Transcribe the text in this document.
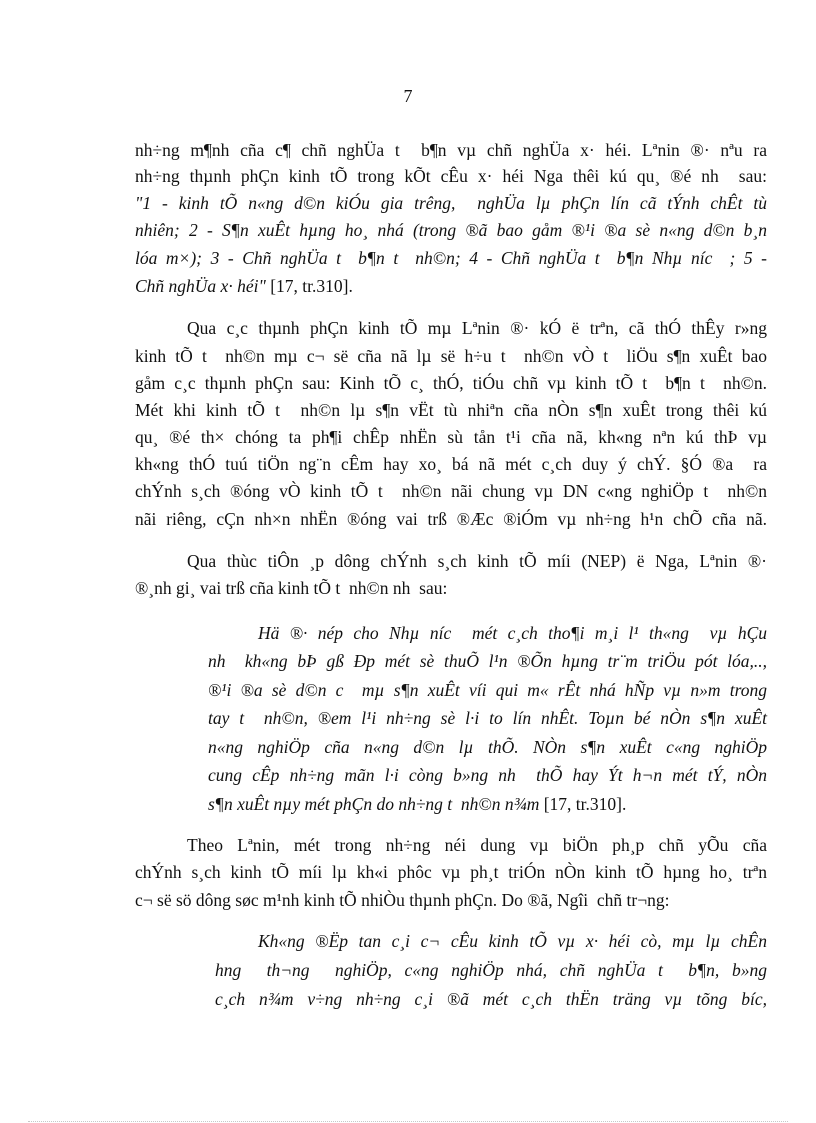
7
nh÷ng m¶nh cña c¶ chñ nghÜa t  b¶n vµ chñ nghÜa x· héi. Lªnin ®· nªu ra
nh÷ng thµnh phÇn kinh tÕ trong kÕt cÊu x· héi Nga thêi kú qu¸ ®é nh  sau:
"1 - kinh tÕ n«ng d©n kiÓu gia trêng,  nghÜa lµ phÇn lín cã tÝnh chÊt tù
nhiên; 2 - S¶n xuÊt hµng ho¸ nhá (trong ®ã bao gåm ®¹i ®a sè n«ng d©n b¸n
lóa m×); 3 - Chñ nghÜa t  b¶n t  nh©n; 4 - Chñ nghÜa t  b¶n Nhµ níc  ; 5 -
Chñ nghÜa x· héi" [17, tr.310].
Qua c¸c thµnh phÇn kinh tÕ mµ Lªnin ®· kÓ ë trªn, cã thÓ thÊy r»ng
kinh tÕ t  nh©n mµ c¬ së cña nã lµ së h÷u t  nh©n vÒ t  liÖu s¶n xuÊt bao
gåm c¸c thµnh phÇn sau: Kinh tÕ c¸ thÓ, tiÓu chñ vµ kinh tÕ t  b¶n t  nh©n.
Mét khi kinh tÕ t  nh©n lµ s¶n vËt tù nhiªn cña nÒn s¶n xuÊt trong thêi kú
qu¸ ®é th× chóng ta ph¶i chÊp nhËn sù tån t¹i cña nã, kh«ng nªn kú thÞ vµ
kh«ng thÓ tuú tiÖn ng¨n cÊm hay xo¸ bá nã mét c¸ch duy ý chÝ. §Ó ®a  ra
chÝnh s¸ch ®óng vÒ kinh tÕ t  nh©n nãi chung vµ DN c«ng nghiÖp t  nh©n
nãi riêng, cÇn nh×n nhËn ®óng vai trß ®Æc ®iÓm vµ nh÷ng h¹n chÕ cña nã.
Qua thùc tiÔn ¸p dông chÝnh s¸ch kinh tÕ míi (NEP) ë Nga, Lªnin ®·
®¸nh gi¸ vai trß cña kinh tÕ t  nh©n nh  sau:
Hä ®· nép cho Nhµ níc  mét c¸ch tho¶i m¸i l¹ th«ng  vµ hÇu
nh  kh«ng bÞ gß Ðp mét sè thuÕ l¹n ®Õn hµng tr¨m triÖu pót lóa,..,
®¹i ®a sè d©n c  mµ s¶n xuÊt víi qui m« rÊt nhá hÑp vµ n»m trong
tay t  nh©n, ®em l¹i nh÷ng sè l·i to lín nhÊt. Toµn bé nÒn s¶n xuÊt
n«ng nghiÖp cña n«ng d©n lµ thÕ. NÒn s¶n xuÊt c«ng nghiÖp
cung cÊp nh÷ng mãn l·i còng b»ng nh  thÕ hay Ýt h¬n mét tÝ, nÒn
s¶n xuÊt nµy mét phÇn do nh÷ng t  nh©n n¾m [17, tr.310].
Theo Lªnin, mét trong nh÷ng néi dung vµ biÖn ph¸p chñ yÕu cña
chÝnh s¸ch kinh tÕ míi lµ kh«i phôc vµ ph¸t triÓn nÒn kinh tÕ hµng ho¸ trªn
c¬ së sö dông søc m¹nh kinh tÕ nhiÒu thµnh phÇn. Do ®ã, Ngîi  chñ tr¬ng:
Kh«ng ®Ëp tan c¸i c¬ cÊu kinh tÕ vµ x· héi cò, mµ lµ chÊn
hng  th¬ng  nghiÖp, c«ng nghiÖp nhá, chñ nghÜa t  b¶n, b»ng
c¸ch n¾m v÷ng nh÷ng c¸i ®ã mét c¸ch thËn träng vµ tõng bíc,
